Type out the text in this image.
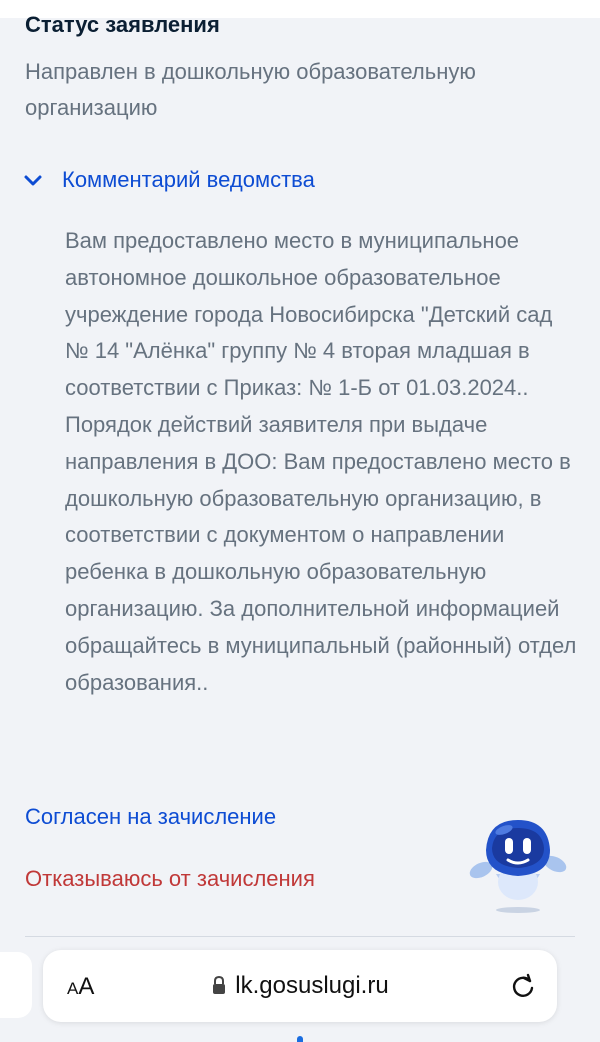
Статус заявления
Направлен в дошкольную образовательную организацию
Комментарий ведомства
Вам предоставлено место в муниципальное автономное дошкольное образовательное учреждение города Новосибирска "Детский сад № 14 "Алёнка" группу № 4 вторая младшая в соответствии с Приказ: № 1-Б от 01.03.2024.. Порядок действий заявителя при выдаче направления в ДОО: Вам предоставлено место в дошкольную образовательную организацию, в соответствии с документом о направлении ребенка в дошкольную образовательную организацию. За дополнительной информацией обращайтесь в муниципальный (районный) отдел образования..
Согласен на зачисление
Отказываюсь от зачисления
AA	lk.gosuslugi.ru
